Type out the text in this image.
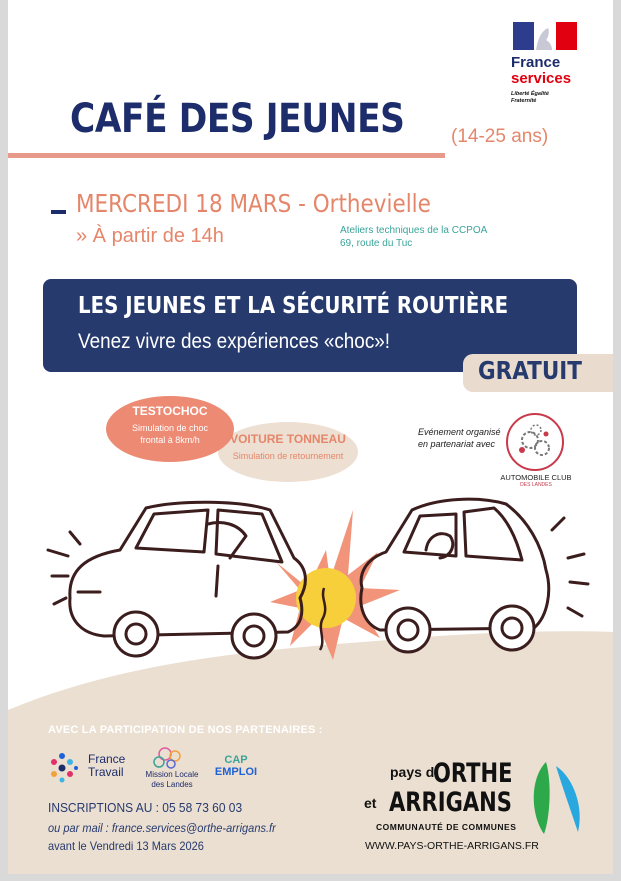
France
services
Liberté Égalité Fraternité
CAFÉ DES JEUNES (14-25 ans)
MERCREDI 18 MARS - Orthevielle
» À partir de 14h	Ateliers techniques de la CCPOA
69, route du Tuc
LES JEUNES ET LA SÉCURITÉ ROUTIÈRE
Venez vivre des expériences «choc»!
GRATUIT
TESTOCHOC
Simulation de choc
frontal à 8km/h	VOITURE TONNEAU
Simulation de retournement
Evénement organisé
en partenariat avec
AUTOMOBILE CLUB
DES LANDES
AVEC LA PARTICIPATION DE NOS PARTENAIRES :
France
Travail	Mission Locale
des Landes
CAP
EMPLOI
INSCRIPTIONS AU : 05 58 73 60 03
ou par mail : france.services@orthe-arrigans.fr
avant le Vendredi 13 Mars 2026
pays d'
ORTHE
et ARRIGANS
COMMUNAUTÉ DE COMMUNES
WWW.PAYS-ORTHE-ARRIGANS.FR
